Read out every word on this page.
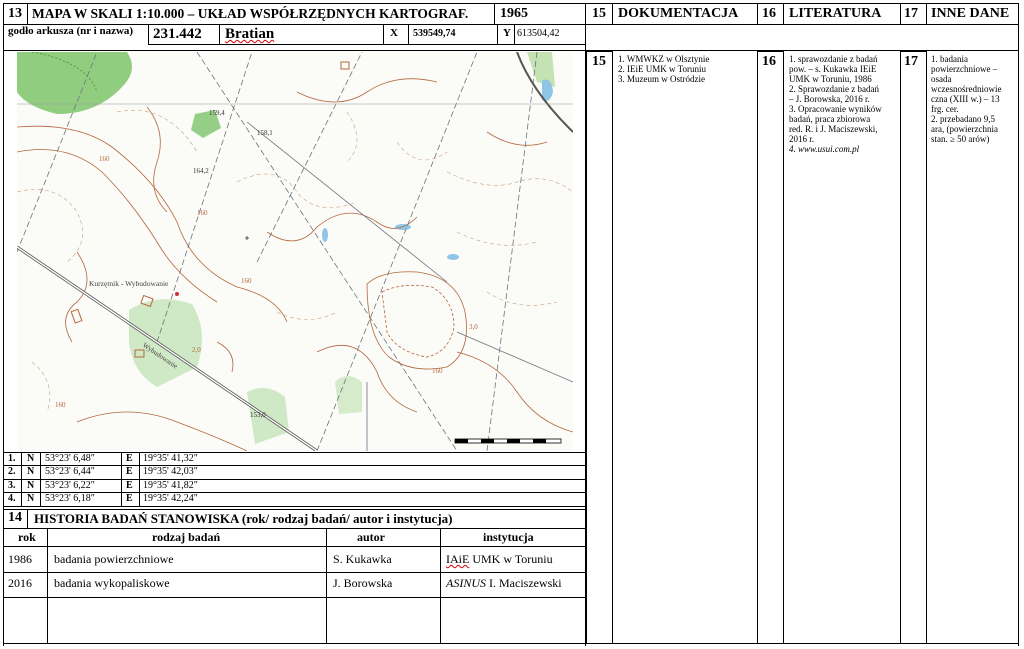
13 MAPA W SKALI 1:10.000 – UKŁAD WSPÓŁRZĘDNYCH KARTOGRAF. 1965	15 DOKUMENTACJA 16 LITERATURA 17 INNE DANE
godło arkusza (nr i nazwa)	231.442 Bratian	X 539549,74	Y 613504,42
159,4
158,1
164,2
160
160
160
160
160
Kurzętnik - Wybudowanie
Wybudowanie
153,0
2,0
3,0
1. N 53°23' 6,48"	E 19°35' 41,32"
2. N 53°23' 6,44"	E 19°35' 42,03"
3. N 53°23' 6,22"	E 19°35' 41,82"
4. N 53°23' 6,18"	E 19°35' 42,24"
14 HISTORIA BADAŃ STANOWISKA (rok/ rodzaj badań/ autor i instytucja)
rok	rodzaj badań	autor	instytucja
1986 badania powierzchniowe	S. Kukawka	IAiE UMK w Toruniu
2016 badania wykopaliskowe	J. Borowska	ASINUS I. Maciszewski
15 1. WMWKZ w Olsztynie
2. IEiE UMK w Toruniu
3. Muzeum w Ostródzie
16 1. sprawozdanie z badań
pow. – s. Kukawka IEiE
UMK w Toruniu, 1986
2. Sprawozdanie z badań
– J. Borowska, 2016 r.
3. Opracowanie wyników
badań, praca zbiorowa
red. R. i J. Maciszewski,
2016 r.
4. www.usui.com.pl
17 1. badania
powierzchniowe –
osada
wczesnośredniowie
czna (XIII w.) – 13
frg. cer.
2. przebadano 9,5
ara, (powierzchnia
stan. ≥ 50 arów)
